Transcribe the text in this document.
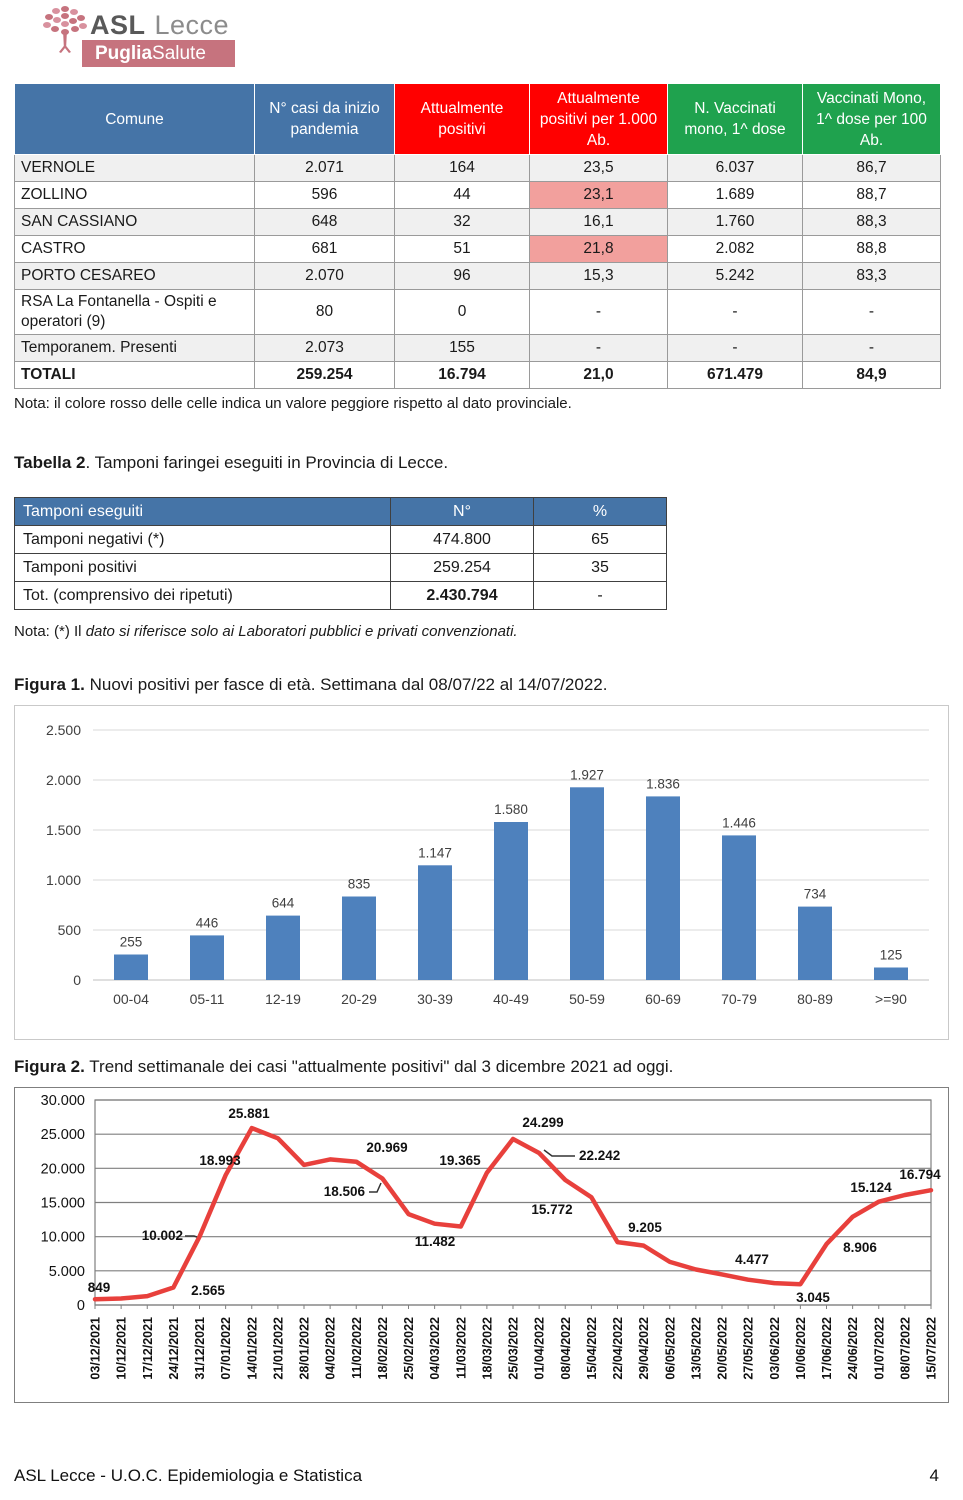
ASL Lecce
PugliaSalute
Comune	N° casi da inizio pandemia	Attualmente positivi	Attualmente positivi per 1.000 Ab.	N. Vaccinati mono, 1^ dose	Vaccinati Mono, 1^ dose per 100 Ab.
VERNOLE	2.071	164	23,5	6.037	86,7
ZOLLINO	596	44	23,1	1.689	88,7
SAN CASSIANO	648	32	16,1	1.760	88,3
CASTRO	681	51	21,8	2.082	88,8
PORTO CESAREO	2.070	96	15,3	5.242	83,3
RSA La Fontanella - Ospiti e operatori (9)	80	0	-	-	-
Temporanem. Presenti	2.073	155	-	-	-
TOTALI	259.254	16.794	21,0	671.479	84,9
Nota: il colore rosso delle celle indica un valore peggiore rispetto al dato provinciale.
Tabella 2. Tamponi faringei eseguiti in Provincia di Lecce.
Tamponi eseguiti	N°	%
Tamponi negativi (*)	474.800	65
Tamponi positivi	259.254	35
Tot. (comprensivo dei ripetuti)	2.430.794	-
Nota: (*) Il dato si riferisce solo ai Laboratori pubblici e privati convenzionati.
Figura 1. Nuovi positivi per fasce di età. Settimana dal 08/07/22 al 14/07/2022.
0
500
1.000
1.500
2.000
2.500
255
00-04
446
05-11
644
12-19
835
20-29
1.147
30-39
1.580
40-49
1.927
50-59
1.836
60-69
1.446
70-79
734
80-89
125
>=90
Figura 2. Trend settimanale dei casi "attualmente positivi" dal 3 dicembre 2021 ad oggi.
0
5.000
10.000
15.000
20.000
25.000
30.000
03/12/2021 10/12/2021 17/12/2021 24/12/2021 31/12/2021 07/01/2022 14/01/2022 21/01/2022 28/01/2022 04/02/2022 11/02/2022 18/02/2022 25/02/2022 04/03/2022 11/03/2022 18/03/2022 25/03/2022 01/04/2022 08/04/2022 15/04/2022 22/04/2022 29/04/2022 06/05/2022 13/05/2022 20/05/2022 27/05/2022 03/06/2022 10/06/2022 17/06/2022 24/06/2022 01/07/2022 08/07/2022 15/07/2022
849	2.565
10.002
18.993
25.881
20.969
18.506
11.482
19.365
24.299
22.242
15.772
9.205
4.477
3.045
8.906
15.124
16.794
ASL Lecce - U.O.C. Epidemiologia e Statistica	4
